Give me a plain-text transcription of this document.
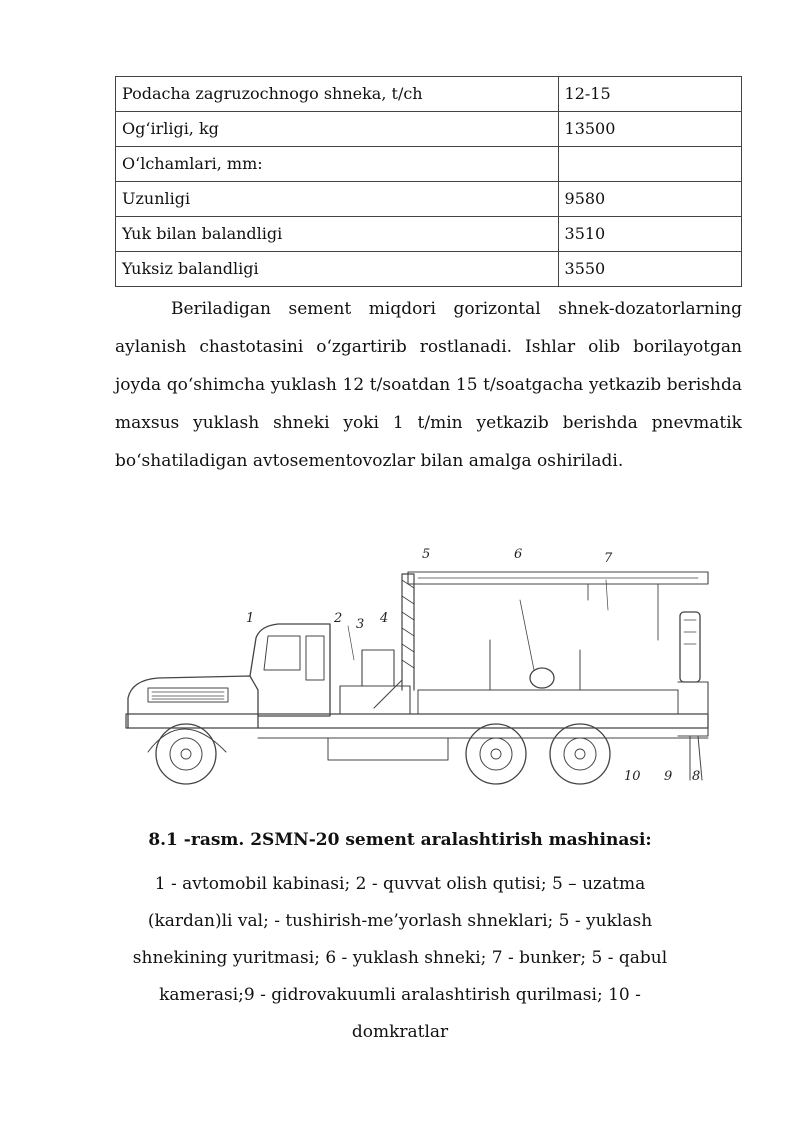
Podacha zagruzochnogo shneka, t/ch	12-15
Og‘irligi, kg	13500
O‘lchamlari, mm:	
Uzunligi	9580
Yuk bilan balandligi	3510
Yuksiz balandligi	3550

Beriladigan sement miqdori gorizontal shnek-dozatorlarning aylanish chastotasini o‘zgartirib rostlanadi. Ishlar olib borilayotgan joyda qo‘shimcha yuklash 12 t/soatdan 15 t/soatgacha yetkazib berishda maxsus yuklash shneki yoki 1 t/min yetkazib berishda pnevmatik bo‘shatiladigan avtosementovozlar bilan amalga oshiriladi.

1	2 3 4
5	6	7
8
9
10

8.1 -rasm. 2SMN-20 sement aralashtirish mashinasi:

1 - avtomobil kabinasi; 2 - quvvat olish qutisi; 5 – uzatma (kardan)li val; - tushirish-me’yorlash shneklari; 5 - yuklash shnekining yuritmasi; 6 - yuklash shneki; 7 - bunker; 5 - qabul kamerasi;9 - gidrovakuumli aralashtirish qurilmasi; 10 - domkratlar
